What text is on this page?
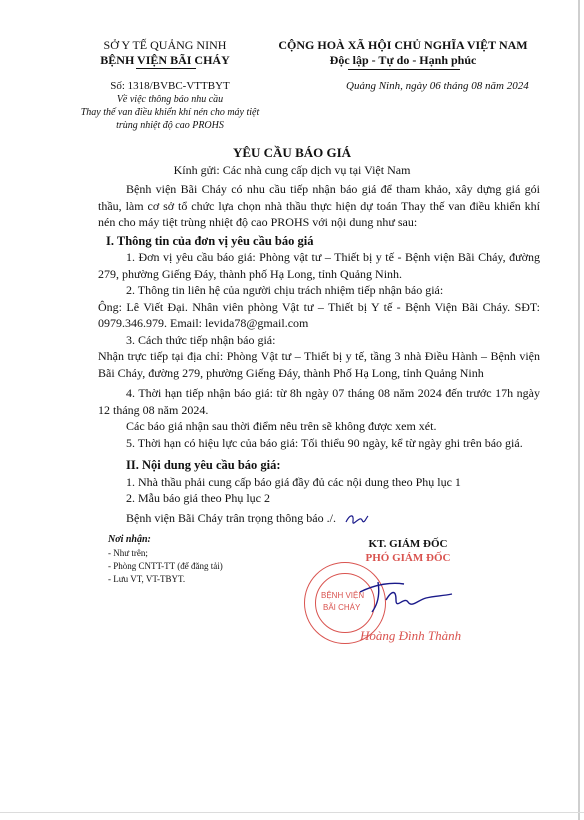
SỞ Y TẾ QUẢNG NINH
BỆNH VIỆN BÃI CHÁY
CỘNG HOÀ XÃ HỘI CHỦ NGHĨA VIỆT NAM
Độc lập - Tự do - Hạnh phúc
Số: 1318/BVBC-VTTBYT
Về việc thông báo nhu cầu
Thay thế van điều khiển khí nén cho máy tiệt
trùng nhiệt độ cao PROHS
Quảng Ninh, ngày 06 tháng 08 năm 2024
YÊU CẦU BÁO GIÁ
Kính gửi: Các nhà cung cấp dịch vụ tại Việt Nam

Bệnh viện Bãi Cháy có nhu cầu tiếp nhận báo giá để tham khảo, xây dựng giá gói thầu, làm cơ sở tổ chức lựa chọn nhà thầu thực hiện dự toán Thay thế van điều khiển khí nén cho máy tiệt trùng nhiệt độ cao PROHS với nội dung như sau:

I. Thông tin của đơn vị yêu cầu báo giá

1. Đơn vị yêu cầu báo giá: Phòng vật tư – Thiết bị y tế - Bệnh viện Bãi Cháy, đường 279, phường Giếng Đáy, thành phố Hạ Long, tỉnh Quảng Ninh.

2. Thông tin liên hệ của người chịu trách nhiệm tiếp nhận báo giá:

Ông: Lê Viết Đại. Nhân viên phòng Vật tư – Thiết bị Y tế - Bệnh Viện Bãi Cháy. SĐT: 0979.346.979. Email: levida78@gmail.com

3. Cách thức tiếp nhận báo giá:

Nhận trực tiếp tại địa chỉ: Phòng Vật tư – Thiết bị y tế, tầng 3 nhà Điều Hành – Bệnh viện Bãi Cháy, đường 279, phường Giếng Đáy, thành Phố Hạ Long, tỉnh Quảng Ninh

4. Thời hạn tiếp nhận báo giá: từ 8h ngày 07 tháng 08 năm 2024 đến trước 17h ngày 12 tháng 08 năm 2024.

Các báo giá nhận sau thời điểm nêu trên sẽ không được xem xét.

5. Thời hạn có hiệu lực của báo giá: Tối thiểu 90 ngày, kể từ ngày ghi trên báo giá.

II. Nội dung yêu cầu báo giá:

1. Nhà thầu phải cung cấp báo giá đầy đủ các nội dung theo Phụ lục 1

2. Mẫu báo giá theo Phụ lục 2

Bệnh viện Bãi Cháy trân trọng thông báo ./.

Nơi nhận:
- Như trên;
- Phòng CNTT-TT (để đăng tải)
- Lưu VT, VT-TBYT.
KT. GIÁM ĐỐC
PHÓ GIÁM ĐỐC
BỆNH VIỆN
BÃI CHÁY
Hoàng Đình Thành
